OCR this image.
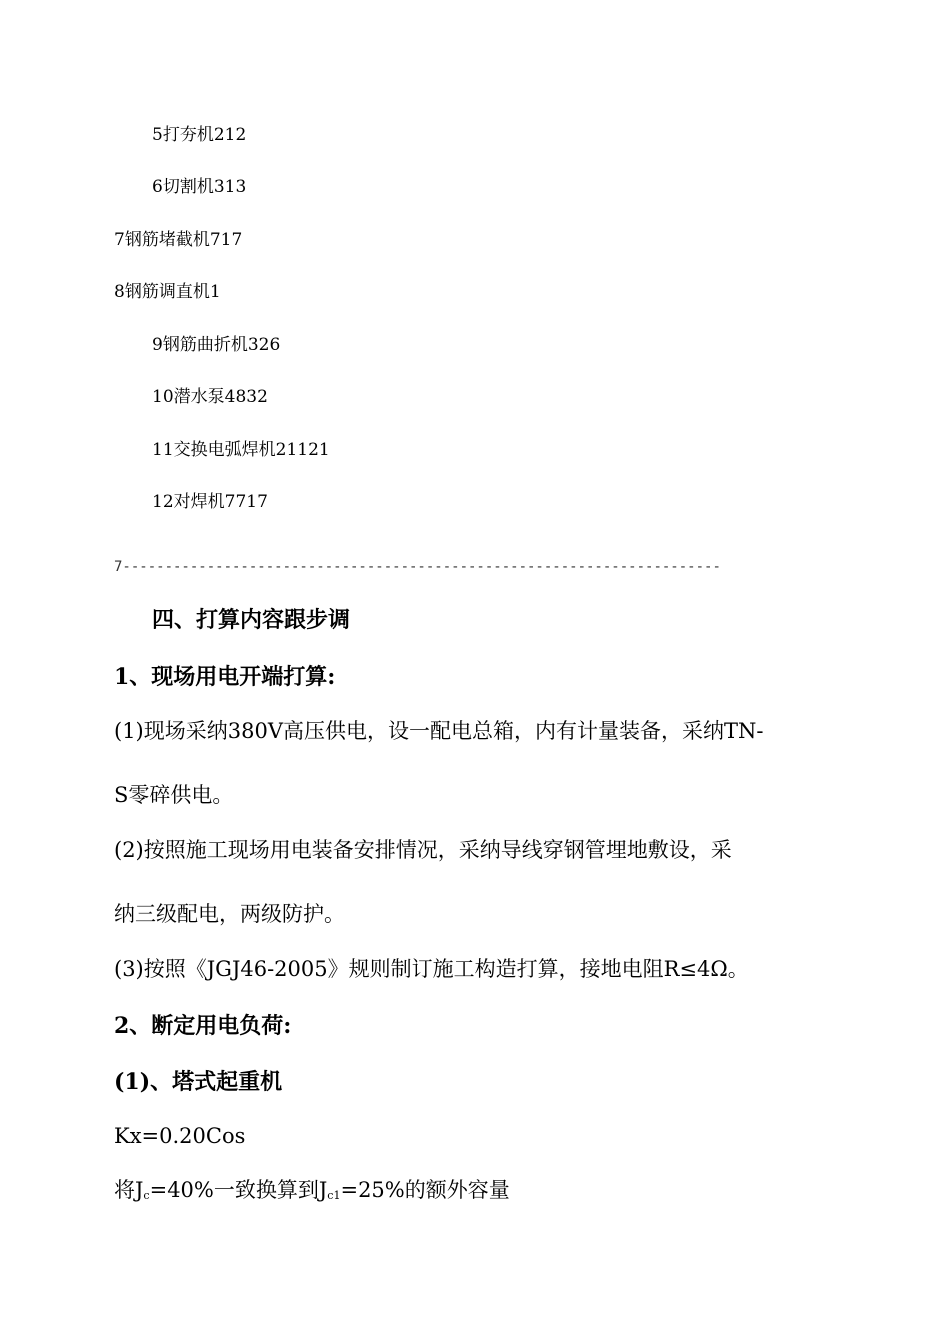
5打夯机212
6切割机313
7钢筋堵截机717
8钢筋调直机1
9钢筋曲折机326
10潜水泵4832
11交换电弧焊机21121
12对焊机7717
7-----------------------------------------------------------------------
四、打算内容跟步调
1、现场用电开端打算:
(1)现场采纳380V高压供电，设一配电总箱，内有计量装备，采纳TN-
S零碎供电。
(2)按照施工现场用电装备安排情况，采纳导线穿钢管埋地敷设，采
纳三级配电，两级防护。
(3)按照《JGJ46-2005》规则制订施工构造打算，接地电阻R≤4Ω。
2、断定用电负荷:
(1)、塔式起重机
Kx=0.20Cos
将$J_c=40\%$一致换算到$J_{c1}=25\%$的额外容量
